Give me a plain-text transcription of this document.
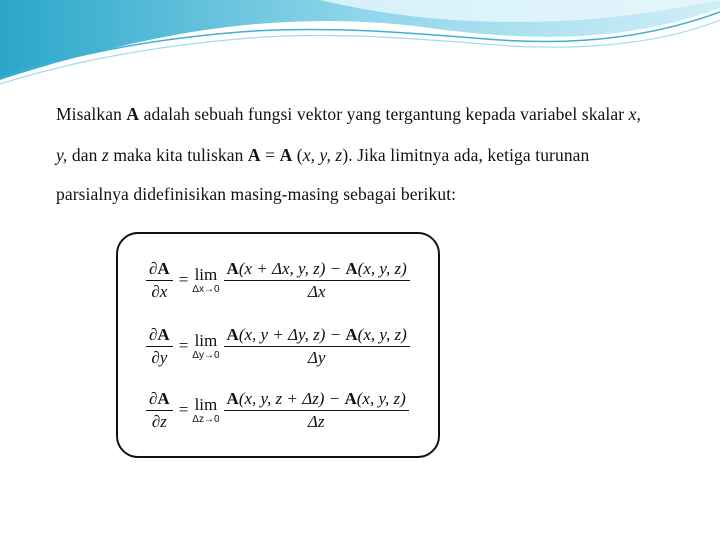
Misalkan A adalah sebuah fungsi vektor yang tergantung kepada variabel skalar x,
y, dan z maka kita tuliskan A = A (x, y, z). Jika limitnya ada, ketiga turunan
parsialnya didefinisikan masing-masing sebagai berikut:
$\frac{\partial A}{\partial x} = \lim$
$\Delta x\to 0 \frac{A(x + \Delta x, y, z) - A(x, y, z)}{\Delta x}$
$\frac{\partial A}{\partial y} = \lim$
$\Delta y\to 0 \frac{A(x, y + \Delta y, z) - A(x, y, z)}{\Delta y}$
$\frac{\partial A}{\partial z} = \lim$
$\Delta z\to 0 \frac{A(x, y, z + \Delta z) - A(x, y, z)}{\Delta z}$
